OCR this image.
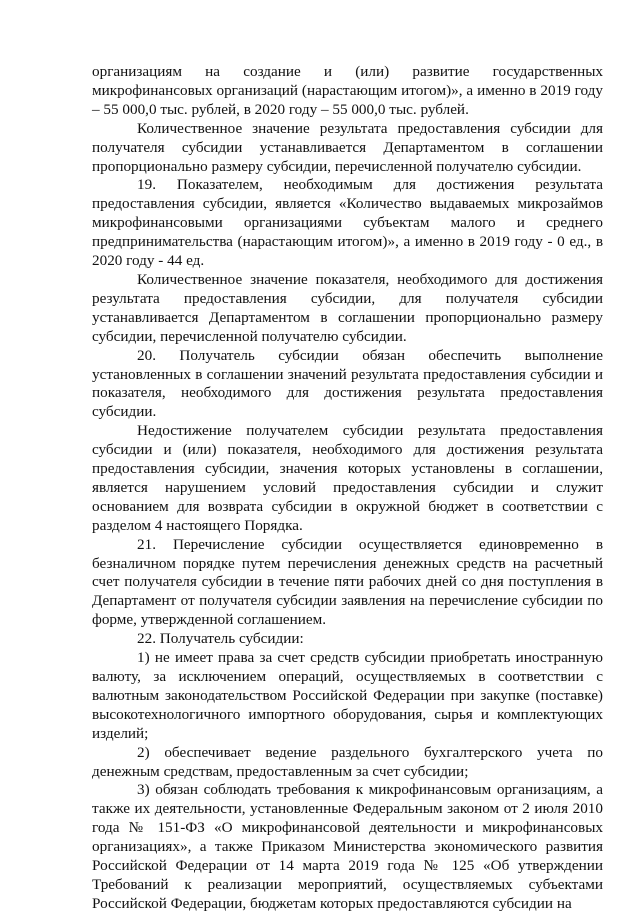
организациям на создание и (или) развитие государственных микрофинансовых организаций (нарастающим итогом)», а именно в 2019 году – 55 000,0 тыс. рублей, в 2020 году – 55 000,0 тыс. рублей.

Количественное значение результата предоставления субсидии для получателя субсидии устанавливается Департаментом в соглашении пропорционально размеру субсидии, перечисленной получателю субсидии.

19. Показателем, необходимым для достижения результата предоставления субсидии, является «Количество выдаваемых микрозаймов микрофинансовыми организациями субъектам малого и среднего предпринимательства (нарастающим итогом)», а именно в 2019 году - 0 ед., в 2020 году - 44 ед.

Количественное значение показателя, необходимого для достижения результата предоставления субсидии, для получателя субсидии устанавливается Департаментом в соглашении пропорционально размеру субсидии, перечисленной получателю субсидии.

20. Получатель субсидии обязан обеспечить выполнение установленных в соглашении значений результата предоставления субсидии и показателя, необходимого для достижения результата предоставления субсидии.

Недостижение получателем субсидии результата предоставления субсидии и (или) показателя, необходимого для достижения результата предоставления субсидии, значения которых установлены в соглашении, является нарушением условий предоставления субсидии и служит основанием для возврата субсидии в окружной бюджет в соответствии с разделом 4 настоящего Порядка.

21. Перечисление субсидии осуществляется единовременно в безналичном порядке путем перечисления денежных средств на расчетный счет получателя субсидии в течение пяти рабочих дней со дня поступления в Департамент от получателя субсидии заявления на перечисление субсидии по форме, утвержденной соглашением.

22. Получатель субсидии:

1) не имеет права за счет средств субсидии приобретать иностранную валюту, за исключением операций, осуществляемых в соответствии с валютным законодательством Российской Федерации при закупке (поставке) высокотехнологичного импортного оборудования, сырья и комплектующих изделий;

2) обеспечивает ведение раздельного бухгалтерского учета по денежным средствам, предоставленным за счет субсидии;

3) обязан соблюдать требования к микрофинансовым организациям, а также их деятельности, установленные Федеральным законом от 2 июля 2010 года № 151-ФЗ «О микрофинансовой деятельности и микрофинансовых организациях», а также Приказом Министерства экономического развития Российской Федерации от 14 марта 2019 года № 125 «Об утверждении Требований к реализации мероприятий, осуществляемых субъектами Российской Федерации, бюджетам которых предоставляются субсидии на
